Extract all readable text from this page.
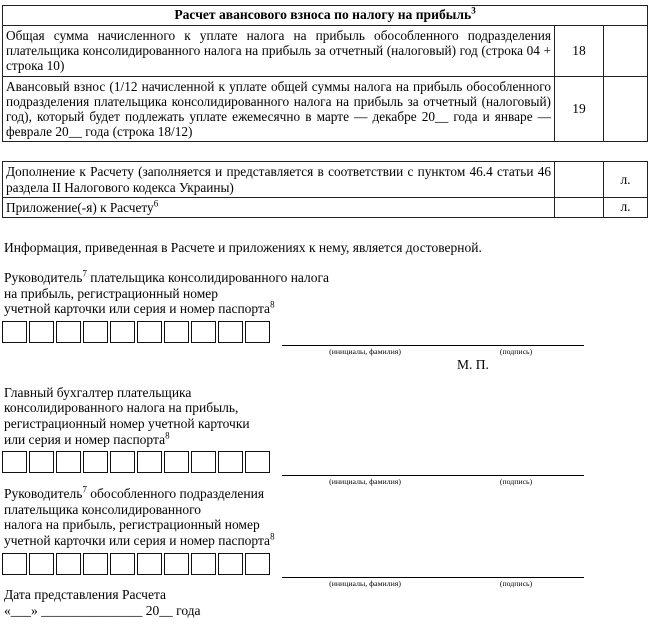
Расчет авансового взноса по налогу на прибыль$^3$
Общая сумма начисленного к уплате налога на прибыль обособленного подразделения плательщика консолидированного налога на прибыль за отчетный (налоговый) год (строка 04 + строка 10)	18	
Авансовый взнос (1/12 начисленной к уплате общей суммы налога на прибыль обособленного подразделения плательщика консолидированного налога на прибыль за отчетный (налоговый) год), который будет подлежать уплате ежемесячно в марте — декабре 20__ года и январе — феврале 20__ года (строка 18/12)	19	
Дополнение к Расчету (заполняется и представляется в соответствии с пунктом 46.4 статьи 46 раздела II Налогового кодекса Украины)		л.
Приложение(-я) к Расчету$^6$		л.
Информация, приведенная в Расчете и приложениях к нему, является достоверной.
Руководитель$^7$ плательщика консолидированного налога
на прибыль, регистрационный номер
учетной карточки или серия и номер паспорта$^8$
(инициалы, фамилия)	(подпись)
М. П.
Главный бухгалтер плательщика
консолидированного налога на прибыль,
регистрационный номер учетной карточки
или серия и номер паспорта$^8$
(инициалы, фамилия)	(подпись)
Руководитель$^7$ обособленного подразделения
плательщика консолидированного
налога на прибыль, регистрационный номер
учетной карточки или серия и номер паспорта$^8$
(инициалы, фамилия)	(подпись)
Дата представления Расчета
«___» _______________ 20__ года
